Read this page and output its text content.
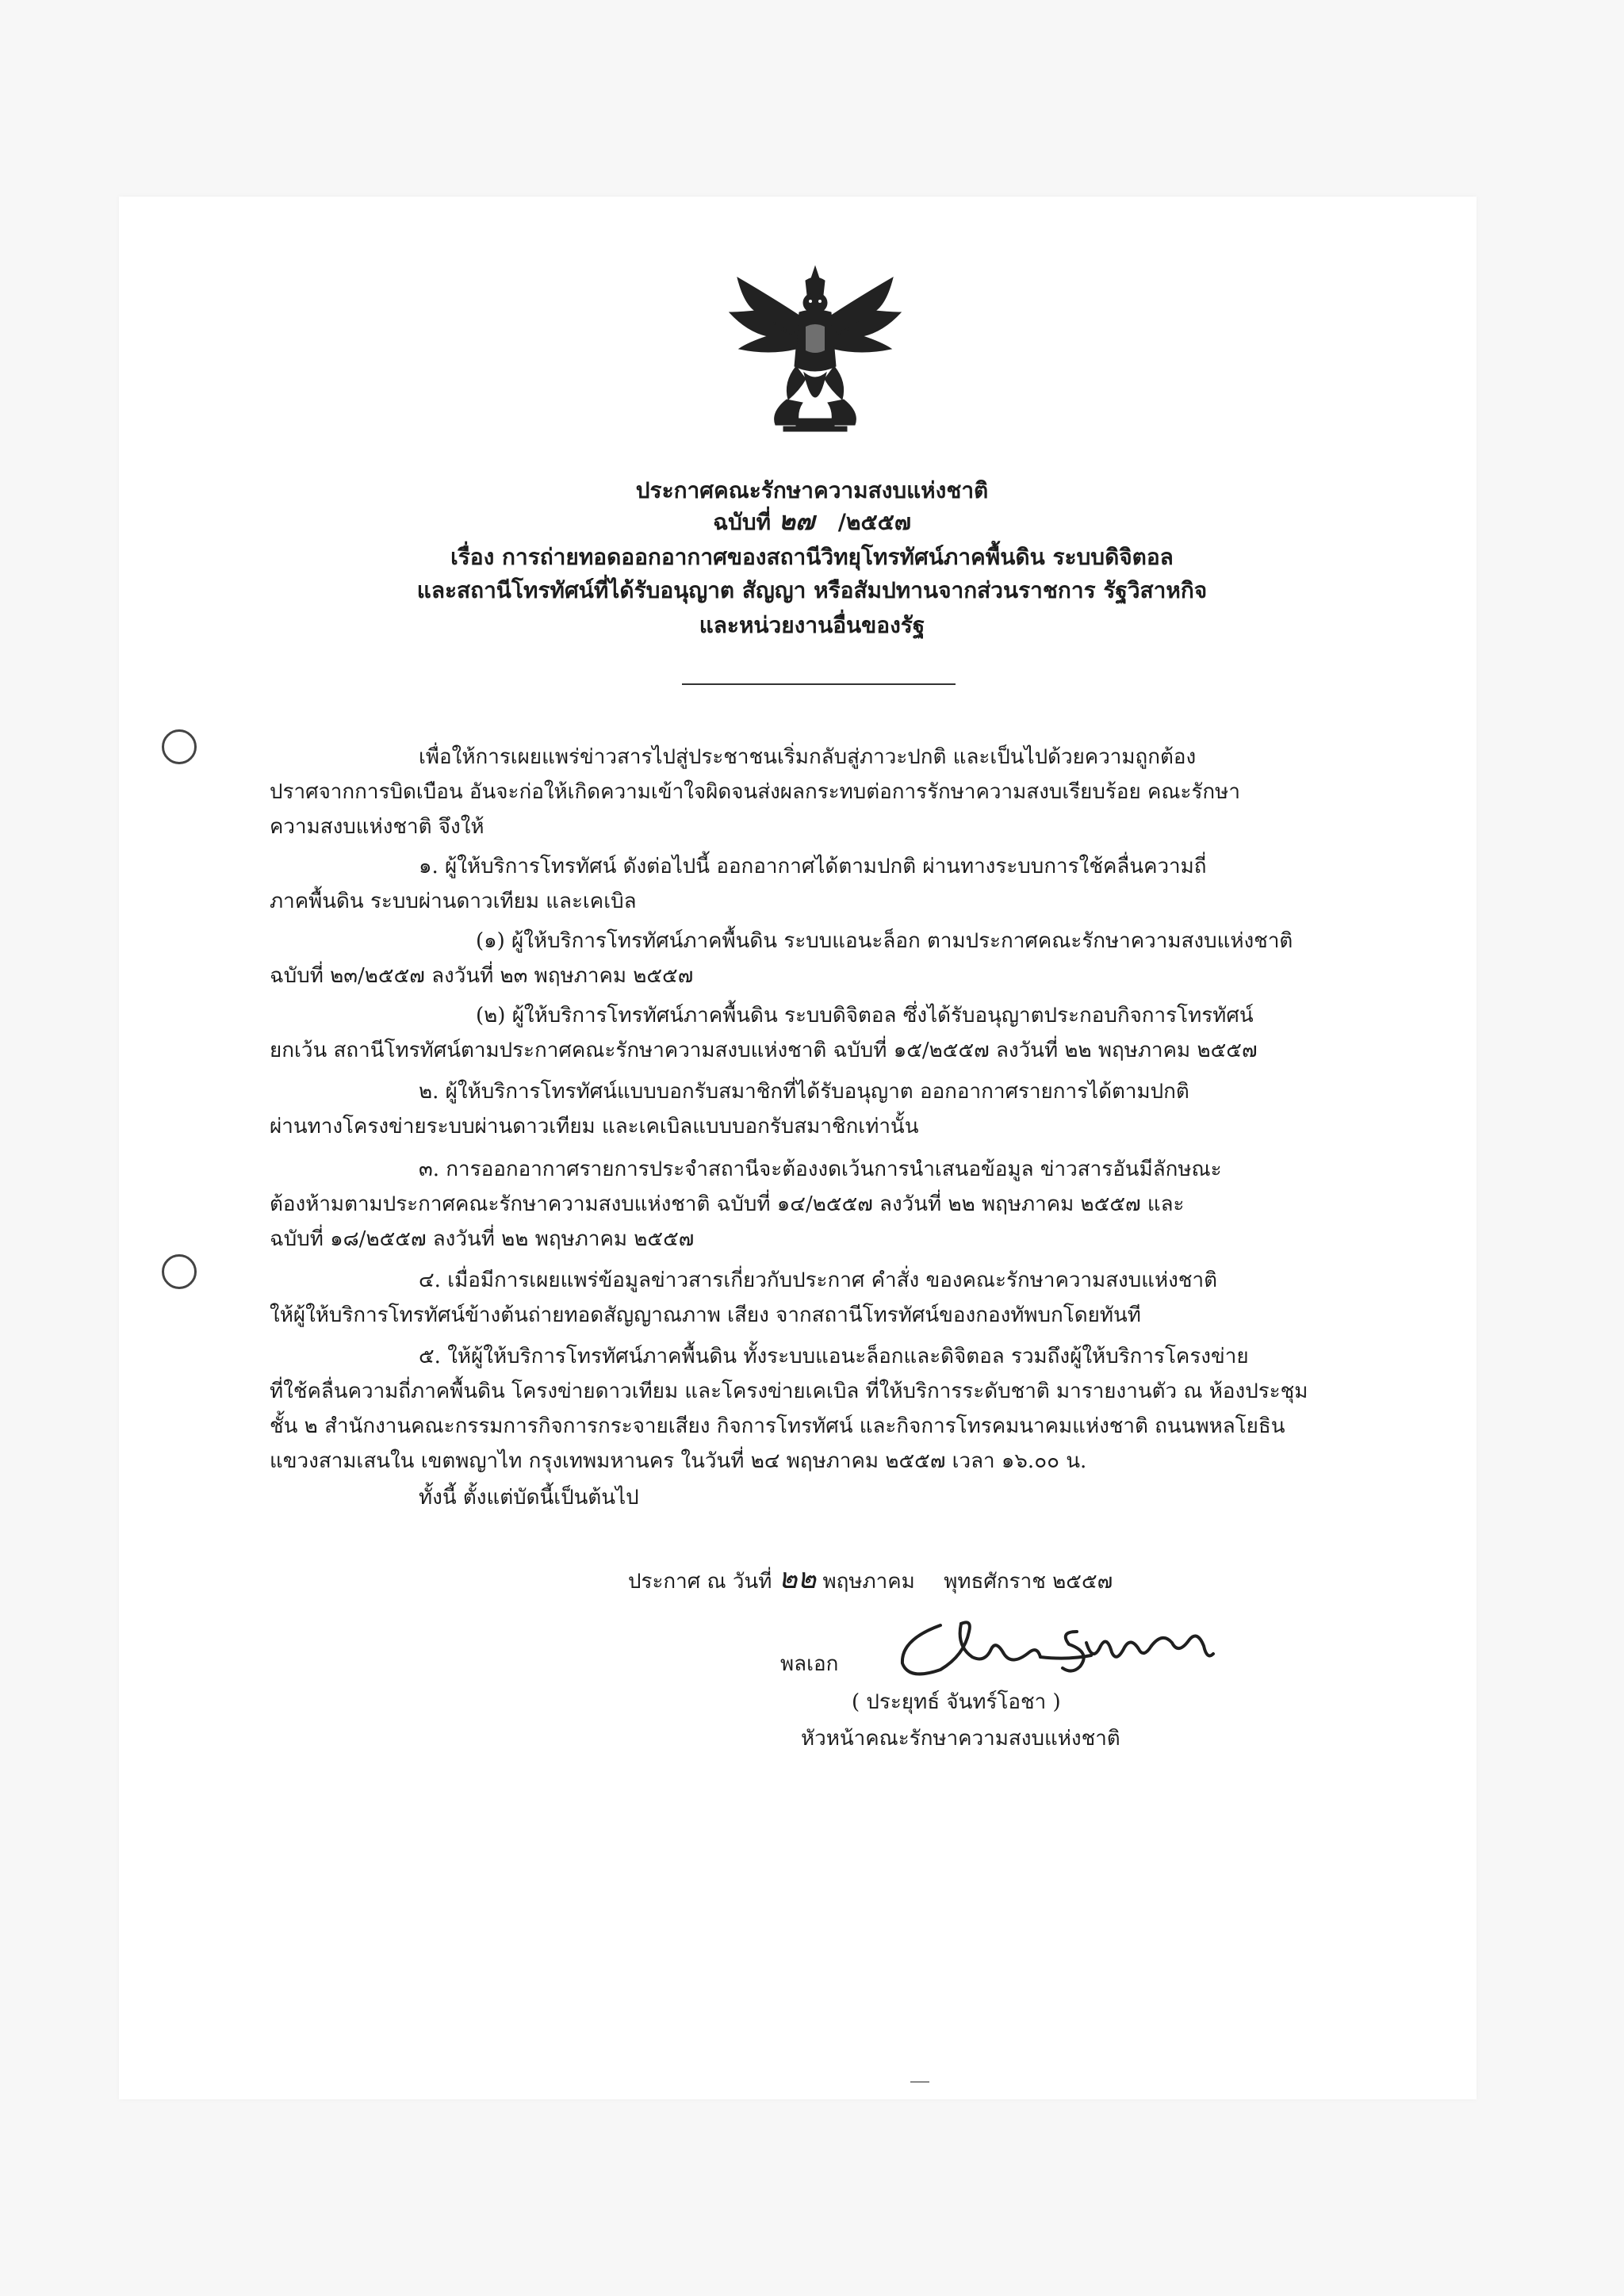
ประกาศคณะรักษาความสงบแห่งชาติ
ฉบับที่ ๒๗ /๒๕๕๗
เรื่อง การถ่ายทอดออกอากาศของสถานีวิทยุโทรทัศน์ภาคพื้นดิน ระบบดิจิตอล
และสถานีโทรทัศน์ที่ได้รับอนุญาต สัญญา หรือสัมปทานจากส่วนราชการ รัฐวิสาหกิจ
และหน่วยงานอื่นของรัฐ
เพื่อให้การเผยแพร่ข่าวสารไปสู่ประชาชนเริ่มกลับสู่ภาวะปกติ และเป็นไปด้วยความถูกต้อง
ปราศจากการบิดเบือน อันจะก่อให้เกิดความเข้าใจผิดจนส่งผลกระทบต่อการรักษาความสงบเรียบร้อย คณะรักษา
ความสงบแห่งชาติ จึงให้
๑. ผู้ให้บริการโทรทัศน์ ดังต่อไปนี้ ออกอากาศได้ตามปกติ ผ่านทางระบบการใช้คลื่นความถี่
ภาคพื้นดิน ระบบผ่านดาวเทียม และเคเบิล
(๑) ผู้ให้บริการโทรทัศน์ภาคพื้นดิน ระบบแอนะล็อก ตามประกาศคณะรักษาความสงบแห่งชาติ
ฉบับที่ ๒๓/๒๕๕๗ ลงวันที่ ๒๓ พฤษภาคม ๒๕๕๗
(๒) ผู้ให้บริการโทรทัศน์ภาคพื้นดิน ระบบดิจิตอล ซึ่งได้รับอนุญาตประกอบกิจการโทรทัศน์
ยกเว้น สถานีโทรทัศน์ตามประกาศคณะรักษาความสงบแห่งชาติ ฉบับที่ ๑๕/๒๕๕๗ ลงวันที่ ๒๒ พฤษภาคม ๒๕๕๗
๒. ผู้ให้บริการโทรทัศน์แบบบอกรับสมาชิกที่ได้รับอนุญาต ออกอากาศรายการได้ตามปกติ
ผ่านทางโครงข่ายระบบผ่านดาวเทียม และเคเบิลแบบบอกรับสมาชิกเท่านั้น
๓. การออกอากาศรายการประจำสถานีจะต้องงดเว้นการนำเสนอข้อมูล ข่าวสารอันมีลักษณะ
ต้องห้ามตามประกาศคณะรักษาความสงบแห่งชาติ ฉบับที่ ๑๔/๒๕๕๗ ลงวันที่ ๒๒ พฤษภาคม ๒๕๕๗ และ
ฉบับที่ ๑๘/๒๕๕๗ ลงวันที่ ๒๒ พฤษภาคม ๒๕๕๗
๔. เมื่อมีการเผยแพร่ข้อมูลข่าวสารเกี่ยวกับประกาศ คำสั่ง ของคณะรักษาความสงบแห่งชาติ
ให้ผู้ให้บริการโทรทัศน์ข้างต้นถ่ายทอดสัญญาณภาพ เสียง จากสถานีโทรทัศน์ของกองทัพบกโดยทันที
๕. ให้ผู้ให้บริการโทรทัศน์ภาคพื้นดิน ทั้งระบบแอนะล็อกและดิจิตอล รวมถึงผู้ให้บริการโครงข่าย
ที่ใช้คลื่นความถี่ภาคพื้นดิน โครงข่ายดาวเทียม และโครงข่ายเคเบิล ที่ให้บริการระดับชาติ มารายงานตัว ณ ห้องประชุม
ชั้น ๒ สำนักงานคณะกรรมการกิจการกระจายเสียง กิจการโทรทัศน์ และกิจการโทรคมนาคมแห่งชาติ ถนนพหลโยธิน
แขวงสามเสนใน เขตพญาไท กรุงเทพมหานคร ในวันที่ ๒๔ พฤษภาคม ๒๕๕๗ เวลา ๑๖.๐๐ น.
ทั้งนี้ ตั้งแต่บัดนี้เป็นต้นไป
ประกาศ ณ วันที่ ๒๒ พฤษภาคม พุทธศักราช ๒๕๕๗
พลเอก
( ประยุทธ์ จันทร์โอชา )
หัวหน้าคณะรักษาความสงบแห่งชาติ
